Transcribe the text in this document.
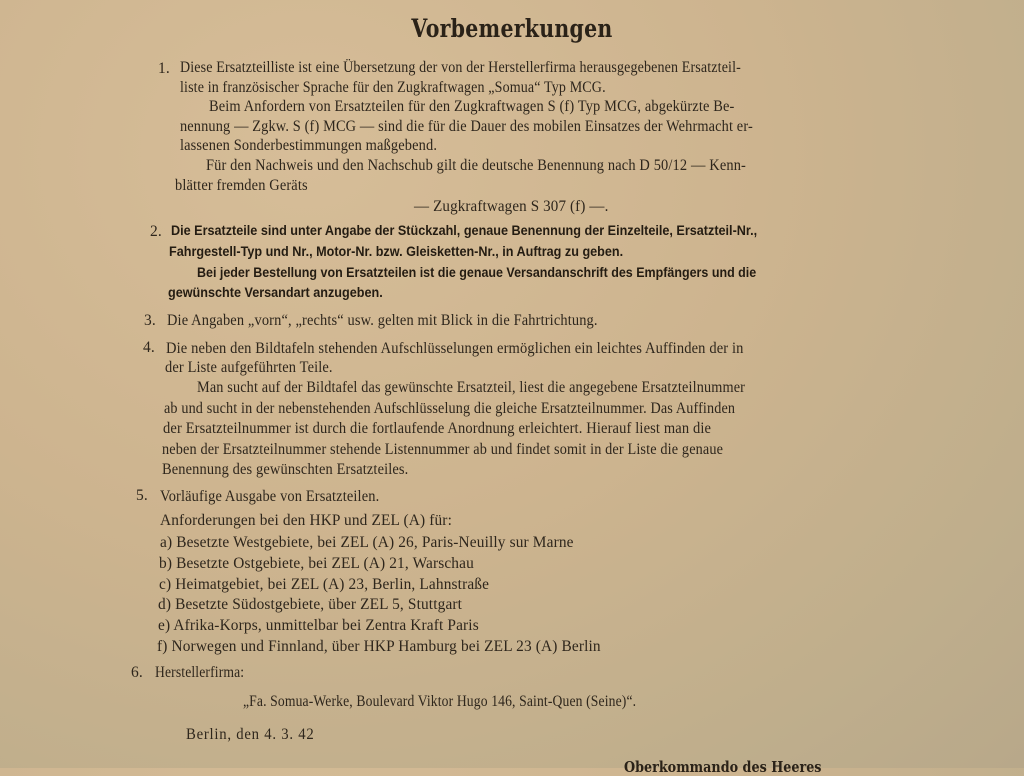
Vorbemerkungen
1. Diese Ersatzteilliste ist eine Übersetzung der von der Herstellerfirma herausgegebenen Ersatzteil-
liste in französischer Sprache für den Zugkraftwagen „Somua“ Typ MCG.
Beim Anfordern von Ersatzteilen für den Zugkraftwagen S (f) Typ MCG, abgekürzte Be-
nennung — Zgkw. S (f) MCG — sind die für die Dauer des mobilen Einsatzes der Wehrmacht er-
lassenen Sonderbestimmungen maßgebend.
Für den Nachweis und den Nachschub gilt die deutsche Benennung nach D 50/12 — Kenn-
blätter fremden Geräts
— Zugkraftwagen S 307 (f) —.
2. Die Ersatzteile sind unter Angabe der Stückzahl, genaue Benennung der Einzelteile, Ersatzteil-Nr.,
Fahrgestell-Typ und Nr., Motor-Nr. bzw. Gleisketten-Nr., in Auftrag zu geben.
Bei jeder Bestellung von Ersatzteilen ist die genaue Versandanschrift des Empfängers und die
gewünschte Versandart anzugeben.
3. Die Angaben „vorn“, „rechts“ usw. gelten mit Blick in die Fahrtrichtung.
4. Die neben den Bildtafeln stehenden Aufschlüsselungen ermöglichen ein leichtes Auffinden der in
der Liste aufgeführten Teile.
Man sucht auf der Bildtafel das gewünschte Ersatzteil, liest die angegebene Ersatzteilnummer
ab und sucht in der nebenstehenden Aufschlüsselung die gleiche Ersatzteilnummer. Das Auffinden
der Ersatzteilnummer ist durch die fortlaufende Anordnung erleichtert. Hierauf liest man die
neben der Ersatzteilnummer stehende Listennummer ab und findet somit in der Liste die genaue
Benennung des gewünschten Ersatzteiles.
5. Vorläufige Ausgabe von Ersatzteilen.
Anforderungen bei den HKP und ZEL (A) für:
a) Besetzte Westgebiete, bei ZEL (A) 26, Paris-Neuilly sur Marne
b) Besetzte Ostgebiete, bei ZEL (A) 21, Warschau
c) Heimatgebiet, bei ZEL (A) 23, Berlin, Lahnstraße
d) Besetzte Südostgebiete, über ZEL 5, Stuttgart
e) Afrika-Korps, unmittelbar bei Zentra Kraft Paris
f) Norwegen und Finnland, über HKP Hamburg bei ZEL 23 (A) Berlin
6. Herstellerfirma:
„Fa. Somua-Werke, Boulevard Viktor Hugo 146, Saint-Quen (Seine)“.
Berlin, den 4. 3. 42
Oberkommando des Heeres
